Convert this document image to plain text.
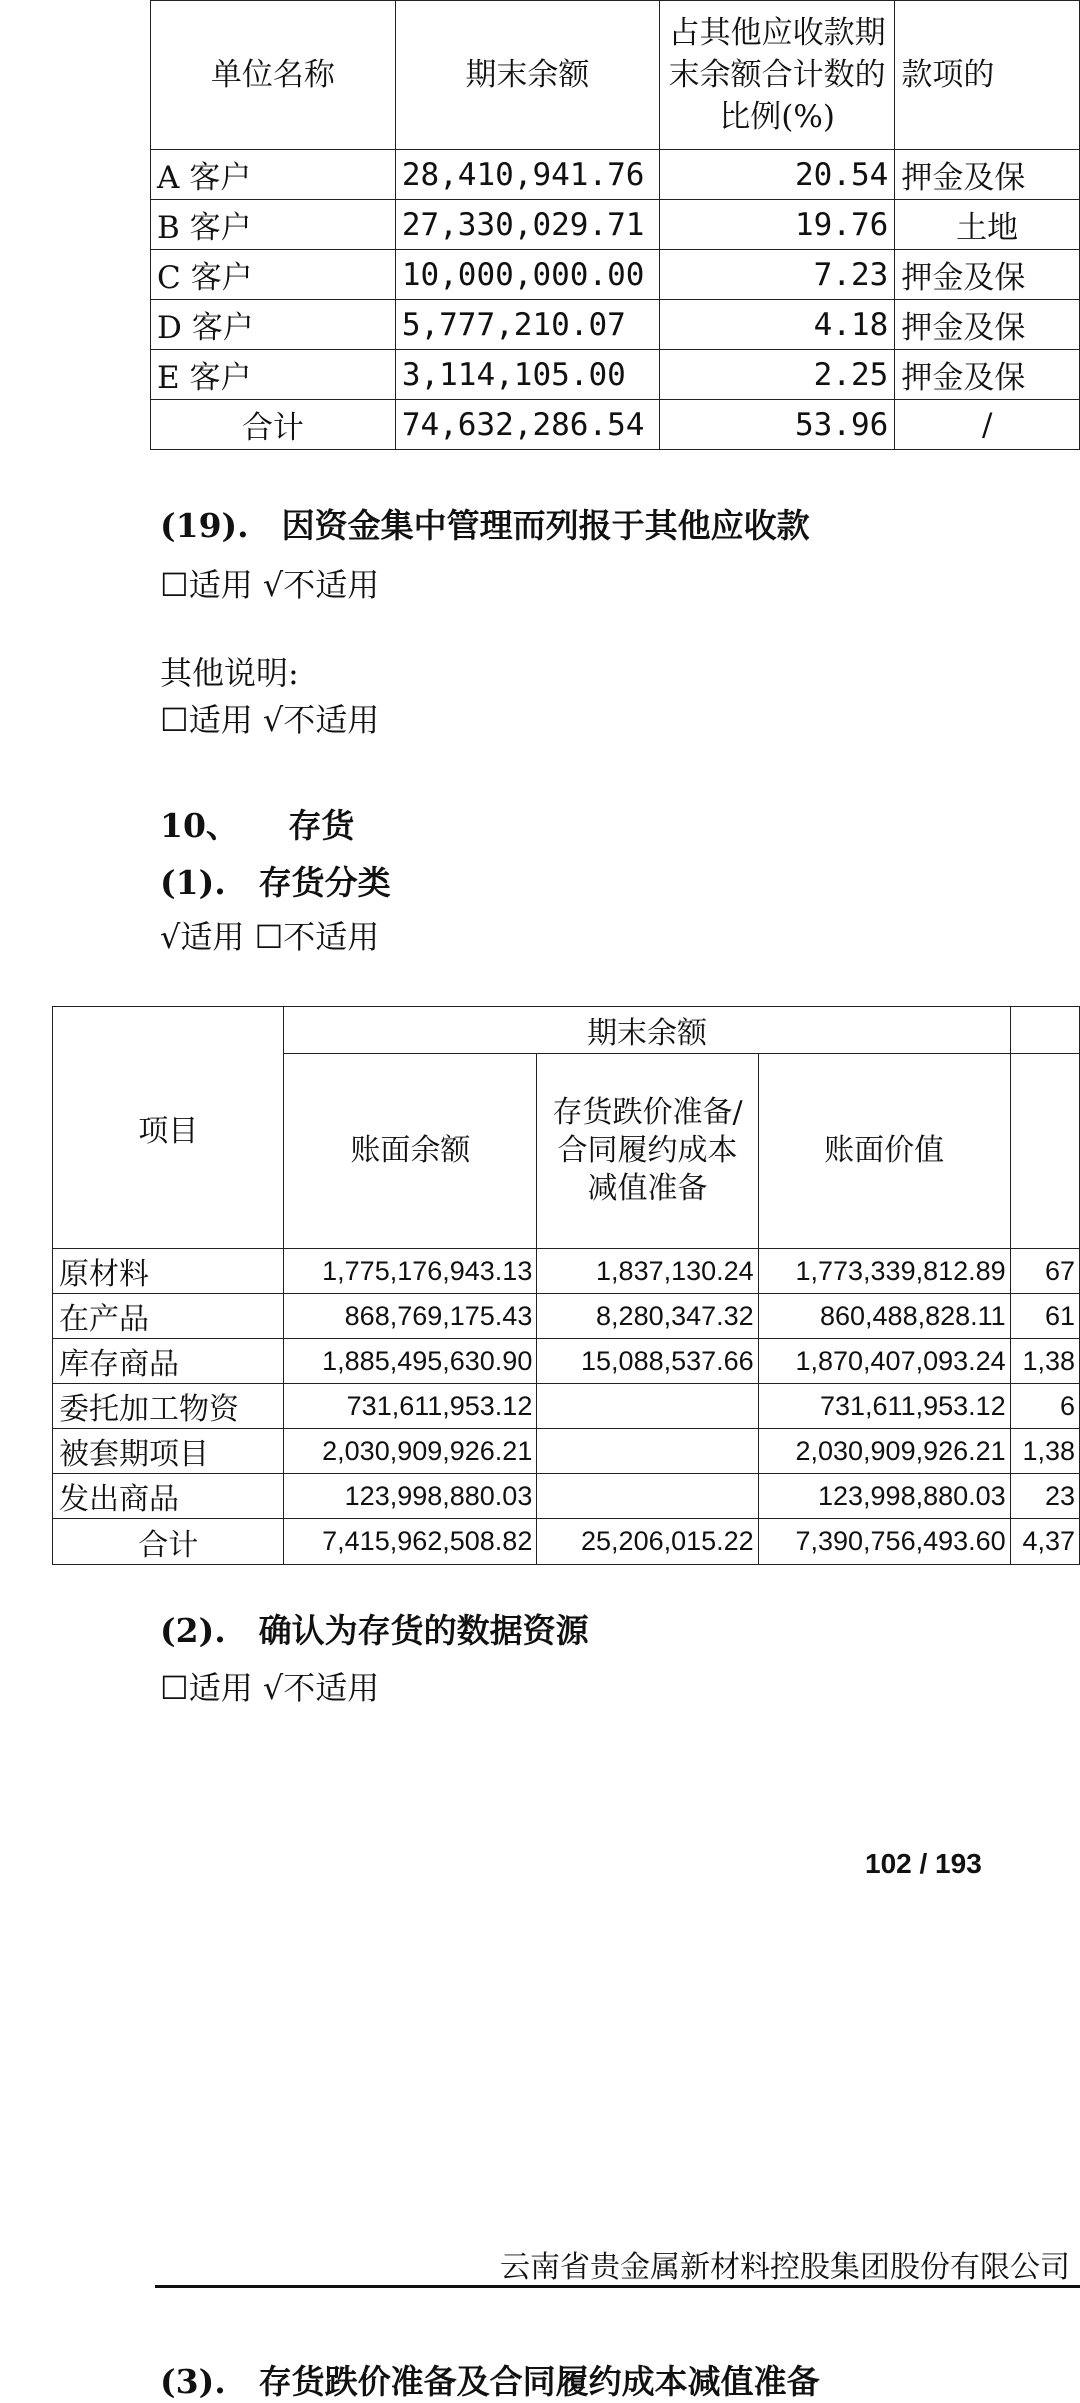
单位名称	期末余额	占其他应收款期末余额合计数的比例(%)	款项的
A 客户	28,410,941.76	20.54	押金及保
B 客户	27,330,029.71	19.76	土地
C 客户	10,000,000.00	7.23	押金及保
D 客户	5,777,210.07	4.18	押金及保
E 客户	3,114,105.00	2.25	押金及保
合计	74,632,286.54	53.96	/
(19).　因资金集中管理而列报于其他应收款
☐适用 √不适用
其他说明:
☐适用 √不适用
10、　　存货
(1).　存货分类
√适用 ☐不适用
项目	期末余额			
	账面余额	存货跌价准备/合同履约成本减值准备	账面价值	
原材料	1,775,176,943.13	1,837,130.24	1,773,339,812.89	67
在产品	868,769,175.43	8,280,347.32	860,488,828.11	61
库存商品	1,885,495,630.90	15,088,537.66	1,870,407,093.24	1,38
委托加工物资	731,611,953.12		731,611,953.12	6
被套期项目	2,030,909,926.21		2,030,909,926.21	1,38
发出商品	123,998,880.03		123,998,880.03	23
合计	7,415,962,508.82	25,206,015.22	7,390,756,493.60	4,37
(2).　确认为存货的数据资源
☐适用 √不适用
102 / 193
云南省贵金属新材料控股集团股份有限公司
(3).　存货跌价准备及合同履约成本减值准备
